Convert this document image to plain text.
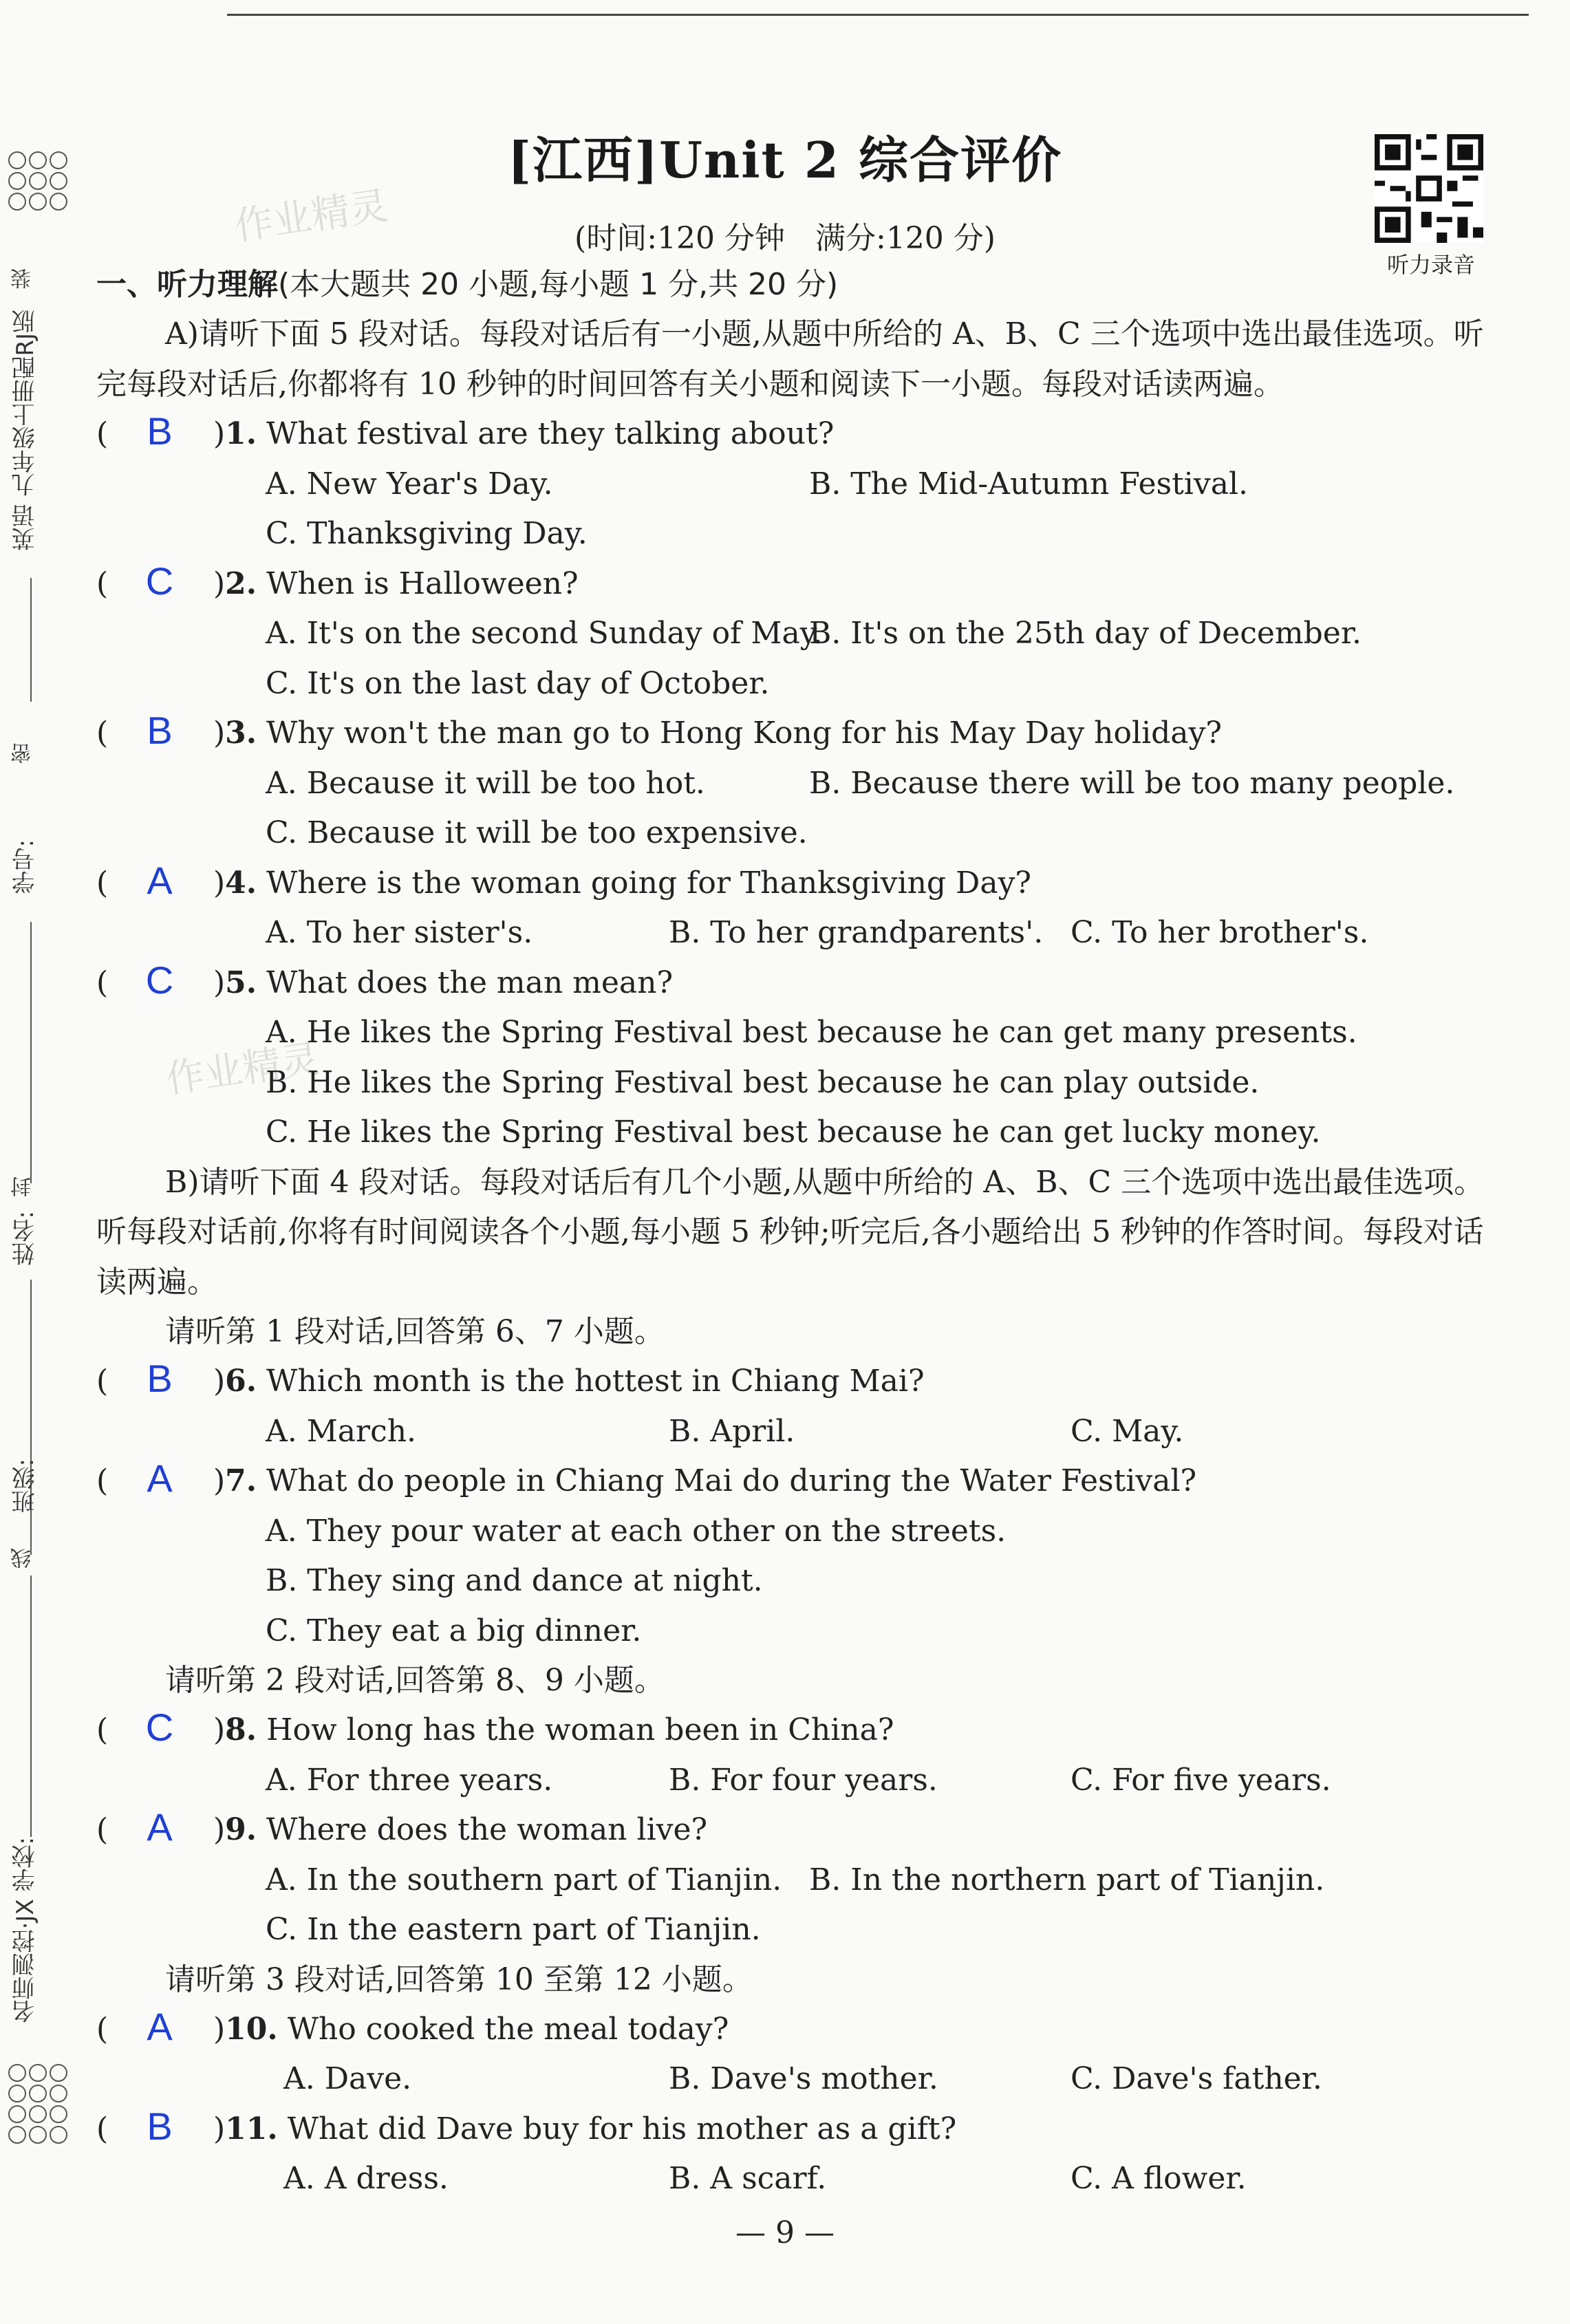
装
英语 九年级上册配RJ版
密
学号:
封
姓名:
班级:
线
名师测控·JX 学校:
[江西]Unit 2 综合评价
(时间:120 分钟　满分:120 分)
听力录音
作业精灵
作业精灵
一、听力理解(本大题共 20 小题,每小题 1 分,共 20 分)
A)请听下面 5 段对话。每段对话后有一小题,从题中所给的 A、B、C 三个选项中选出最佳选项。听完每段对话后,你都将有 10 秒钟的时间回答有关小题和阅读下一小题。每段对话读两遍。
( B )1. What festival are they talking about?
A. New Year's Day.	B. The Mid-Autumn Festival.
C. Thanksgiving Day.
( C )2. When is Halloween?
A. It's on the second Sunday of May.
B. It's on the 25th day of December.
C. It's on the last day of October.
( B )3. Why won't the man go to Hong Kong for his May Day holiday?
A. Because it will be too hot.	B. Because there will be too many people.
C. Because it will be too expensive.
( A )4. Where is the woman going for Thanksgiving Day?
A. To her sister's.	B. To her grandparents'. C. To her brother's.
( C )5. What does the man mean?
A. He likes the Spring Festival best because he can get many presents.
B. He likes the Spring Festival best because he can play outside.
C. He likes the Spring Festival best because he can get lucky money.
B)请听下面 4 段对话。每段对话后有几个小题,从题中所给的 A、B、C 三个选项中选出最佳选项。听每段对话前,你将有时间阅读各个小题,每小题 5 秒钟;听完后,各小题给出 5 秒钟的作答时间。每段对话读两遍。
请听第 1 段对话,回答第 6、7 小题。
( B )6. Which month is the hottest in Chiang Mai?
A. March.	B. April.	C. May.
( A )7. What do people in Chiang Mai do during the Water Festival?
A. They pour water at each other on the streets.
B. They sing and dance at night.
C. They eat a big dinner.
请听第 2 段对话,回答第 8、9 小题。
( C )8. How long has the woman been in China?
A. For three years.	B. For four years.	C. For five years.
( A )9. Where does the woman live?
A. In the southern part of Tianjin. B. In the northern part of Tianjin.
C. In the eastern part of Tianjin.
请听第 3 段对话,回答第 10 至第 12 小题。
( A )10. Who cooked the meal today?
A. Dave.	B. Dave's mother.	C. Dave's father.
( B )11. What did Dave buy for his mother as a gift?
A. A dress.	B. A scarf.	C. A flower.
— 9 —
